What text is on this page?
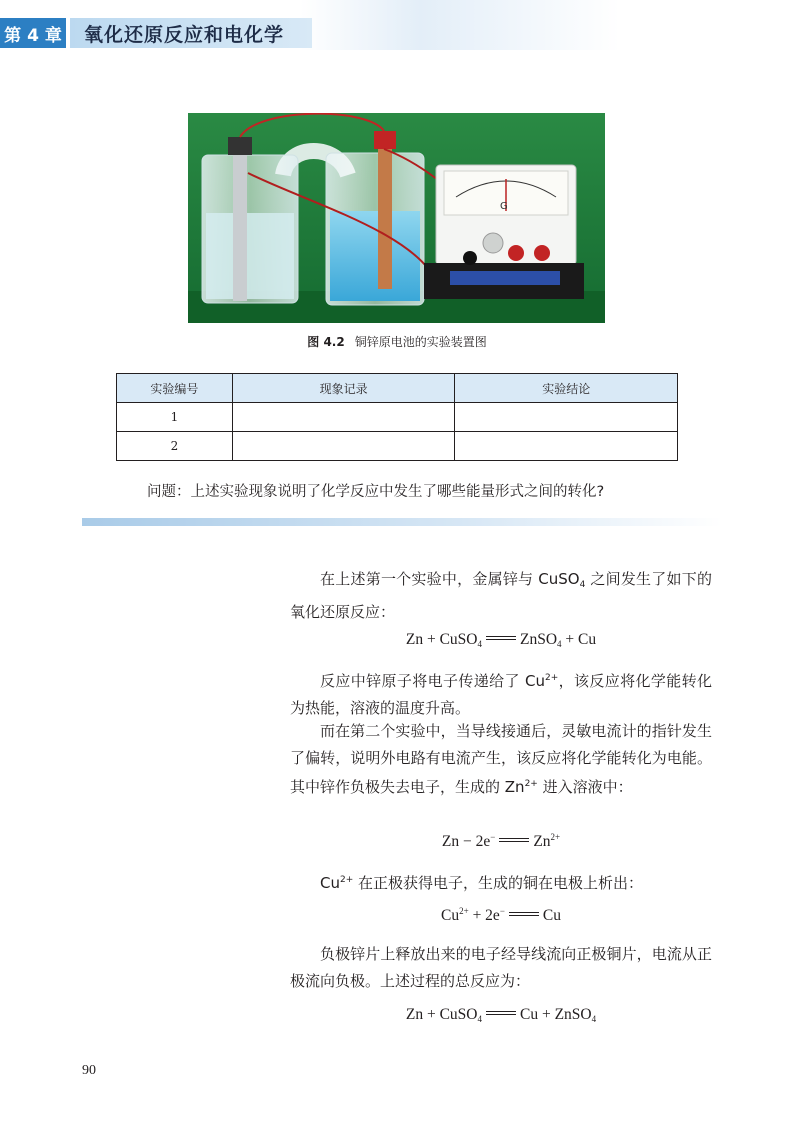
第 4 章	氧化还原反应和电化学
G
图 4.2 铜锌原电池的实验装置图
实验编号	现象记录	实验结论
1		
2		
问题：上述实验现象说明了化学反应中发生了哪些能量形式之间的转化?

在上述第一个实验中，金属锌与 CuSO$_4$ 之间发生了如下的氧化还原反应：

Zn + CuSO$_4$ ZnSO$_4$ + Cu

反应中锌原子将电子传递给了 $Cu^{2+}$，该反应将化学能转化为热能，溶液的温度升高。

而在第二个实验中，当导线接通后，灵敏电流计的指针发生了偏转，说明外电路有电流产生，该反应将化学能转化为电能。其中锌作负极失去电子，生成的 $Zn^{2+}$ 进入溶液中：

Zn − 2e− $Zn^{2+}$

$Cu^{2+}$ 在正极获得电子，生成的铜在电极上析出：

$Cu^{2+} + 2e^-$ Cu

负极锌片上释放出来的电子经导线流向正极铜片，电流从正极流向负极。上述过程的总反应为：

Zn + CuSO$_4$ Cu + ZnSO$_4$
90
